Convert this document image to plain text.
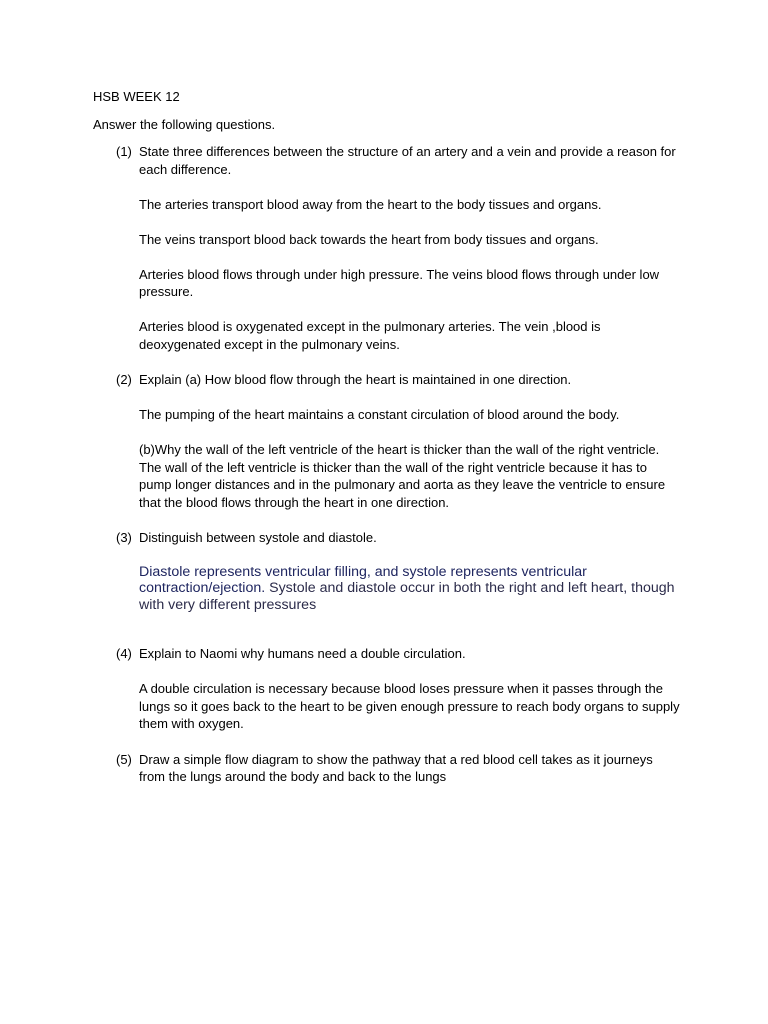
HSB WEEK 12
Answer the following questions.
(1) State three differences between the structure of an artery and a vein and provide a reason for each difference.

The arteries transport blood away from the heart to the body tissues and organs.

The veins transport blood back towards the heart from body tissues and organs.

Arteries blood flows through under high pressure. The veins blood flows through under low pressure.

Arteries blood is oxygenated except in the pulmonary arteries. The vein ,blood is deoxygenated except in the pulmonary veins.

(2) Explain (a) How blood flow through the heart is maintained in one direction.

The pumping of the heart maintains a constant circulation of blood around the body.

(b)Why the wall of the left ventricle of the heart is thicker than the wall of the right ventricle.

The wall of the left ventricle is thicker than the wall of the right ventricle because it has to pump longer distances and in the pulmonary and aorta as they leave the ventricle to ensure that the blood flows through the heart in one direction.

(3) Distinguish between systole and diastole.

Diastole represents ventricular filling, and systole represents ventricular contraction/ejection. Systole and diastole occur in both the right and left heart, though with very different pressures

(4) Explain to Naomi why humans need a double circulation.

A double circulation is necessary because blood loses pressure when it passes through the lungs so it goes back to the heart to be given enough pressure to reach body organs to supply them with oxygen.

(5) Draw a simple flow diagram to show the pathway that a red blood cell takes as it journeys from the lungs around the body and back to the lungs
